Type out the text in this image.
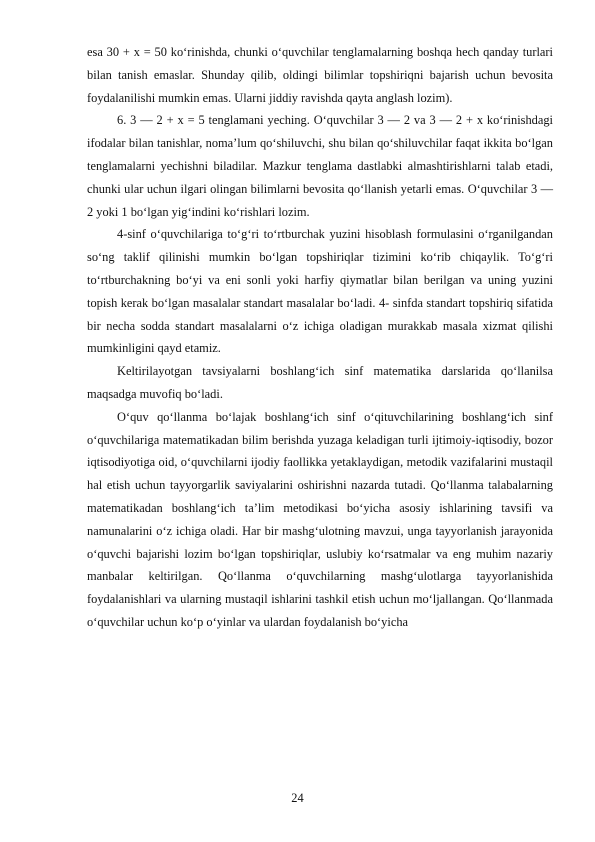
esa 30 + x = 50 ko‘rinishda, chunki o‘quvchilar tenglamalarning boshqa hech qanday turlari bilan tanish emaslar. Shunday qilib, oldingi bilimlar topshiriqni bajarish uchun bevosita foydalanilishi mumkin emas. Ularni jiddiy ravishda qayta anglash lozim).

6. 3 — 2 + x = 5 tenglamani yeching. O‘quvchilar 3 — 2 va 3 — 2 + x ko‘rinishdagi ifodalar bilan tanishlar, noma’lum qo‘shiluvchi, shu bilan qo‘shiluvchilar faqat ikkita bo‘lgan tenglamalarni yechishni biladilar. Mazkur tenglama dastlabki almashtirishlarni talab etadi, chunki ular uchun ilgari olingan bilimlarni bevosita qo‘llanish yetarli emas. O‘quvchilar 3 — 2 yoki 1 bo‘lgan yig‘indini ko‘rishlari lozim.

4-sinf o‘quvchilariga to‘g‘ri to‘rtburchak yuzini hisoblash formulasini o‘rganilgandan so‘ng taklif qilinishi mumkin bo‘lgan topshiriqlar tizimini ko‘rib chiqaylik. To‘g‘ri to‘rtburchakning bo‘yi va eni sonli yoki harfiy qiymatlar bilan berilgan va uning yuzini topish kerak bo‘lgan masalalar standart masalalar bo‘ladi. 4- sinfda standart topshiriq sifatida bir necha sodda standart masalalarni o‘z ichiga oladigan murakkab masala xizmat qilishi mumkinligini qayd etamiz.

Keltirilayotgan tavsiyalarni boshlang‘ich sinf matematika darslarida qo‘llanilsa maqsadga muvofiq bo‘ladi.

O‘quv qo‘llanma bo‘lajak boshlang‘ich sinf o‘qituvchilarining boshlang‘ich sinf o‘quvchilariga matematikadan bilim berishda yuzaga keladigan turli ijtimoiy-iqtisodiy, bozor iqtisodiyotiga oid, o‘quvchilarni ijodiy faollikka yetaklaydigan, metodik vazifalarini mustaqil hal etish uchun tayyorgarlik saviyalarini oshirishni nazarda tutadi. Qo‘llanma talabalarning matematikadan boshlang‘ich ta’lim metodikasi bo‘yicha asosiy ishlarining tavsifi va namunalarini o‘z ichiga oladi. Har bir mashg‘ulotning mavzui, unga tayyorlanish jarayonida o‘quvchi bajarishi lozim bo‘lgan topshiriqlar, uslubiy ko‘rsatmalar va eng muhim nazariy manbalar keltirilgan. Qo‘llanma o‘quvchilarning mashg‘ulotlarga tayyorlanishida foydalanishlari va ularning mustaqil ishlarini tashkil etish uchun mo‘ljallangan. Qo‘llanmada o‘quvchilar uchun ko‘p o‘yinlar va ulardan foydalanish bo‘yicha

24
